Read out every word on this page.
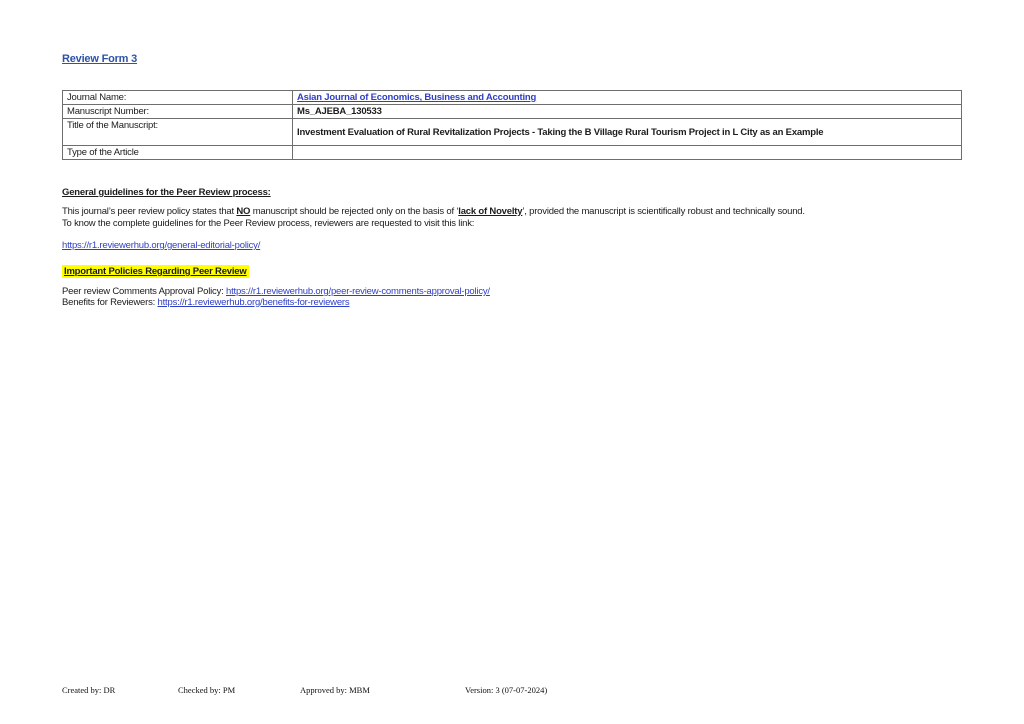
Review Form 3
Journal Name:	Asian Journal of Economics, Business and Accounting
Manuscript Number:	Ms_AJEBA_130533
Title of the Manuscript:	Investment Evaluation of Rural Revitalization Projects - Taking the B Village Rural Tourism Project in L City as an Example
Type of the Article	
General guidelines for the Peer Review process:
This journal’s peer review policy states that NO manuscript should be rejected only on the basis of ‘lack of Novelty’, provided the manuscript is scientifically robust and technically sound.
To know the complete guidelines for the Peer Review process, reviewers are requested to visit this link:
https://r1.reviewerhub.org/general-editorial-policy/
Important Policies Regarding Peer Review
Peer review Comments Approval Policy: https://r1.reviewerhub.org/peer-review-comments-approval-policy/
Benefits for Reviewers: https://r1.reviewerhub.org/benefits-for-reviewers
Created by: DR	Checked by: PM	Approved by: MBM	Version: 3 (07-07-2024)
